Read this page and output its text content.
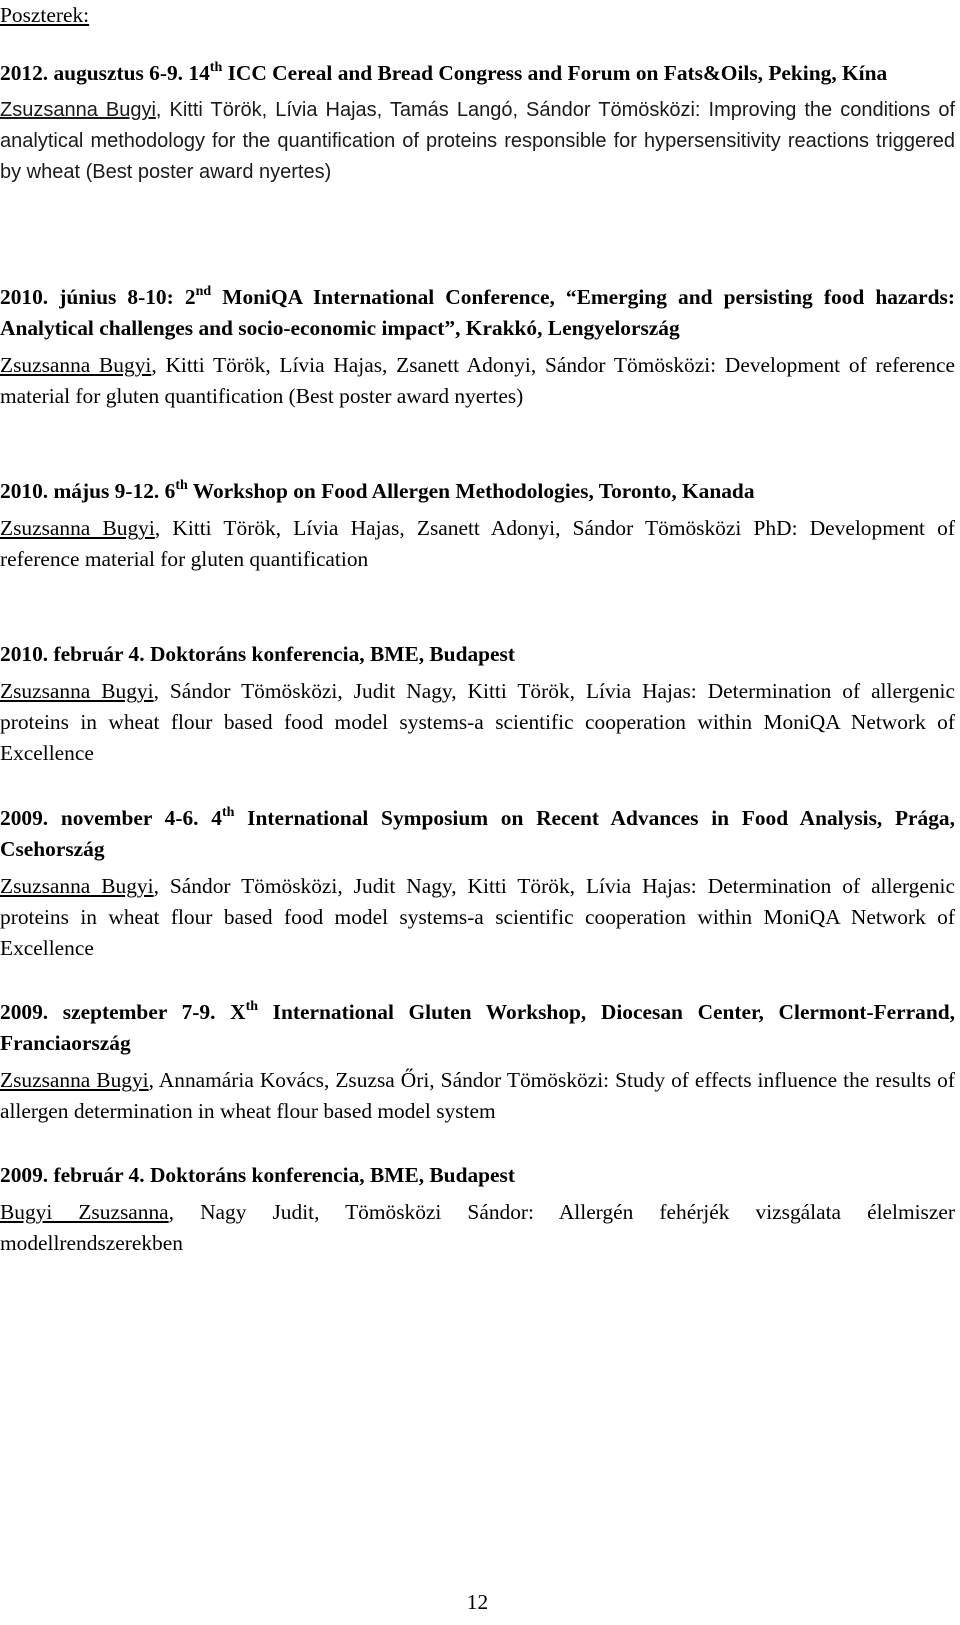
Poszterek:

2012. augusztus 6-9. 14th ICC Cereal and Bread Congress and Forum on Fats&Oils, Peking, Kína

Zsuzsanna Bugyi, Kitti Török, Lívia Hajas, Tamás Langó, Sándor Tömösközi: Improving the conditions of analytical methodology for the quantification of proteins responsible for hypersensitivity reactions triggered by wheat (Best poster award nyertes)

2010. június 8-10: 2nd MoniQA International Conference, “Emerging and persisting food hazards: Analytical challenges and socio-economic impact”, Krakkó, Lengyelország

Zsuzsanna Bugyi, Kitti Török, Lívia Hajas, Zsanett Adonyi, Sándor Tömösközi: Development of reference material for gluten quantification (Best poster award nyertes)

2010. május 9-12. 6th Workshop on Food Allergen Methodologies, Toronto, Kanada

Zsuzsanna Bugyi, Kitti Török, Lívia Hajas, Zsanett Adonyi, Sándor Tömösközi PhD: Development of reference material for gluten quantification

2010. február 4. Doktoráns konferencia, BME, Budapest

Zsuzsanna Bugyi, Sándor Tömösközi, Judit Nagy, Kitti Török, Lívia Hajas: Determination of allergenic proteins in wheat flour based food model systems-a scientific cooperation within MoniQA Network of Excellence

2009. november 4-6. 4th International Symposium on Recent Advances in Food Analysis, Prága, Csehország

Zsuzsanna Bugyi, Sándor Tömösközi, Judit Nagy, Kitti Török, Lívia Hajas: Determination of allergenic proteins in wheat flour based food model systems-a scientific cooperation within MoniQA Network of Excellence

2009. szeptember 7-9. Xth International Gluten Workshop, Diocesan Center, Clermont-Ferrand, Franciaország

Zsuzsanna Bugyi, Annamária Kovács, Zsuzsa Őri, Sándor Tömösközi: Study of effects influence the results of allergen determination in wheat flour based model system

2009. február 4. Doktoráns konferencia, BME, Budapest

Bugyi Zsuzsanna, Nagy Judit, Tömösközi Sándor: Allergén fehérjék vizsgálata élelmiszer modellrendszerekben

12
